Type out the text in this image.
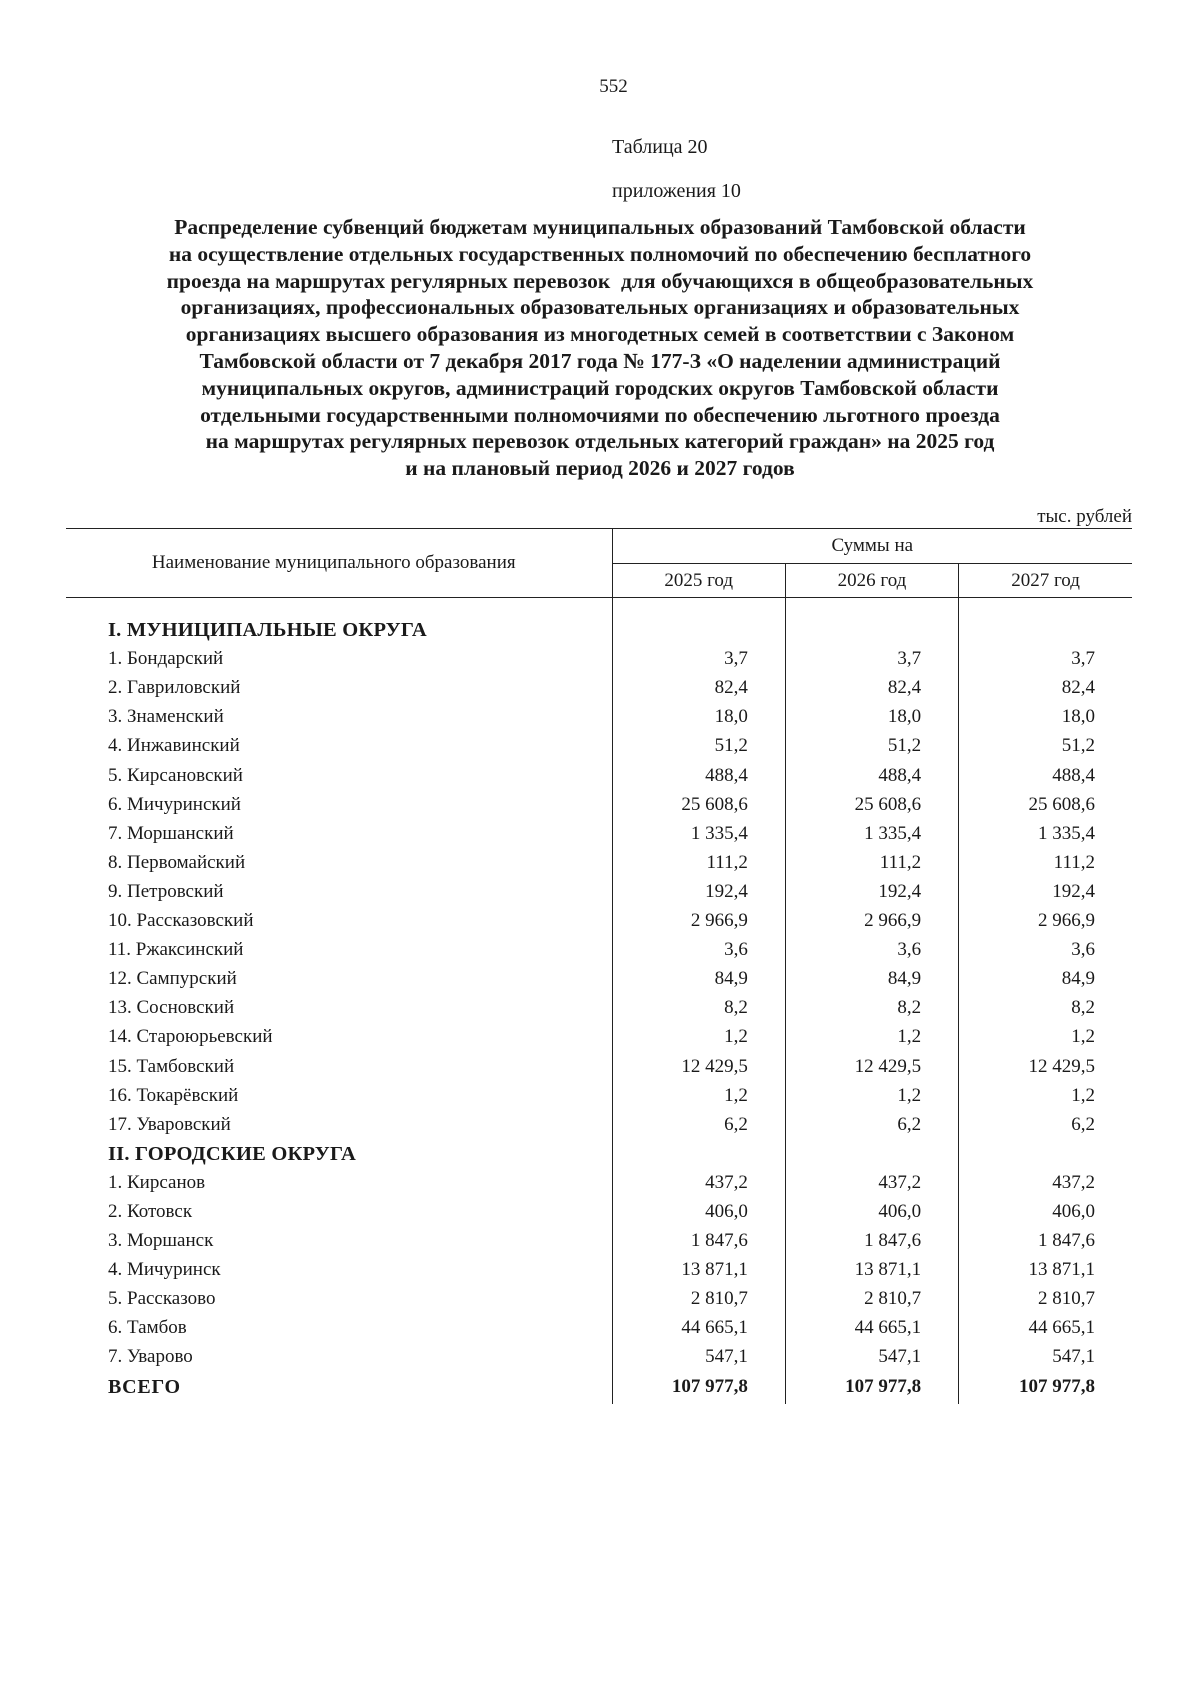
552
Таблица 20
приложения 10
Распределение субвенций бюджетам муниципальных образований Тамбовской области
на осуществление отдельных государственных полномочий по обеспечению бесплатного
проезда на маршрутах регулярных перевозок  для обучающихся в общеобразовательных
организациях, профессиональных образовательных организациях и образовательных
организациях высшего образования из многодетных семей в соответствии с Законом
Тамбовской области от 7 декабря 2017 года № 177-З «О наделении администраций
муниципальных округов, администраций городских округов Тамбовской области
отдельными государственными полномочиями по обеспечению льготного проезда
на маршрутах регулярных перевозок отдельных категорий граждан» на 2025 год
и на плановый период 2026 и 2027 годов
тыс. рублей
Наименование муниципального образования	Суммы на		
	2025 год	2026 год	2027 год

I. МУНИЦИПАЛЬНЫЕ ОКРУГА			
1. Бондарский	3,7	3,7	3,7
2. Гавриловский	82,4	82,4	82,4
3. Знаменский	18,0	18,0	18,0
4. Инжавинский	51,2	51,2	51,2
5. Кирсановский	488,4	488,4	488,4
6. Мичуринский	25 608,6	25 608,6	25 608,6
7. Моршанский	1 335,4	1 335,4	1 335,4
8. Первомайский	111,2	111,2	111,2
9. Петровский	192,4	192,4	192,4
10. Рассказовский	2 966,9	2 966,9	2 966,9
11. Ржаксинский	3,6	3,6	3,6
12. Сампурский	84,9	84,9	84,9
13. Сосновский	8,2	8,2	8,2
14. Староюрьевский	1,2	1,2	1,2
15. Тамбовский	12 429,5	12 429,5	12 429,5
16. Токарёвский	1,2	1,2	1,2
17. Уваровский	6,2	6,2	6,2
II. ГОРОДСКИЕ ОКРУГА			
1. Кирсанов	437,2	437,2	437,2
2. Котовск	406,0	406,0	406,0
3. Моршанск	1 847,6	1 847,6	1 847,6
4. Мичуринск	13 871,1	13 871,1	13 871,1
5. Рассказово	2 810,7	2 810,7	2 810,7
6. Тамбов	44 665,1	44 665,1	44 665,1
7. Уварово	547,1	547,1	547,1
ВСЕГО	107 977,8	107 977,8	107 977,8
